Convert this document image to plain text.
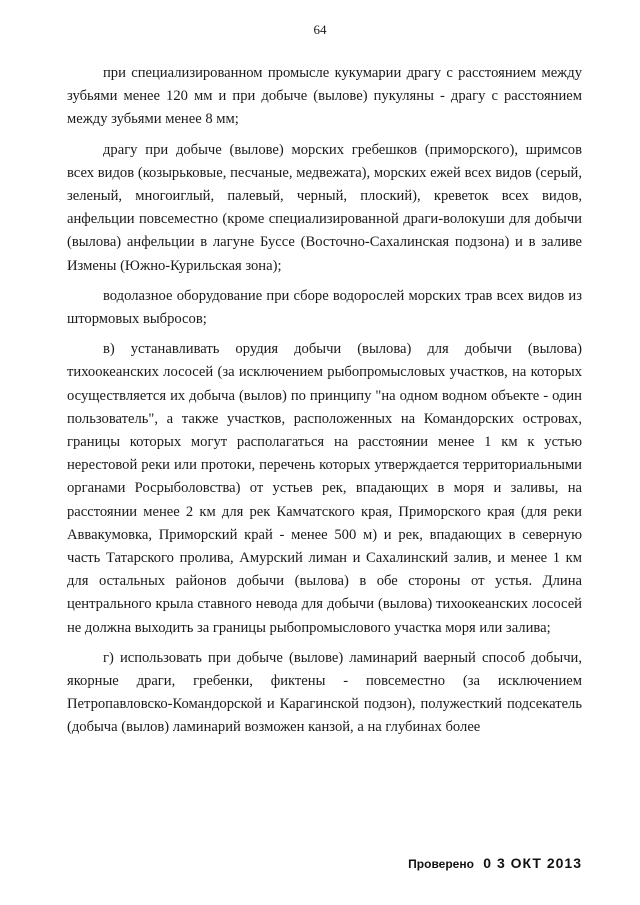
64

при специализированном промысле кукумарии драгу с расстоянием между зубьями менее 120 мм и при добыче (вылове) пукуляны - драгу с расстоянием между зубьями менее 8 мм;

драгу при добыче (вылове) морских гребешков (приморского), шримсов всех видов (козырьковые, песчаные, медвежата), морских ежей всех видов (серый, зеленый, многоиглый, палевый, черный, плоский), креветок всех видов, анфельции повсеместно (кроме специализированной драги-волокуши для добычи (вылова) анфельции в лагуне Буссе (Восточно-Сахалинская подзона) и в заливе Измены (Южно-Курильская зона);

водолазное оборудование при сборе водорослей морских трав всех видов из штормовых выбросов;

в) устанавливать орудия добычи (вылова) для добычи (вылова) тихоокеанских лососей (за исключением рыбопромысловых участков, на которых осуществляется их добыча (вылов) по принципу "на одном водном объекте - один пользователь", а также участков, расположенных на Командорских островах, границы которых могут располагаться на расстоянии менее 1 км к устью нерестовой реки или протоки, перечень которых утверждается территориальными органами Росрыболовства) от устьев рек, впадающих в моря и заливы, на расстоянии менее 2 км для рек Камчатского края, Приморского края (для реки Аввакумовка, Приморский край - менее 500 м) и рек, впадающих в северную часть Татарского пролива, Амурский лиман и Сахалинский залив, и менее 1 км для остальных районов добычи (вылова) в обе стороны от устья. Длина центрального крыла ставного невода для добычи (вылова) тихоокеанских лососей не должна выходить за границы рыбопромыслового участка моря или залива;

г) использовать при добыче (вылове) ламинарий ваерный способ добычи, якорные драги, гребенки, фиктены - повсеместно (за исключением Петропавловско-Командорской и Карагинской подзон), полужесткий подсекатель (добыча (вылов) ламинарий возможен канзой, а на глубинах более

Проверено 0 3 ОКТ 2013
